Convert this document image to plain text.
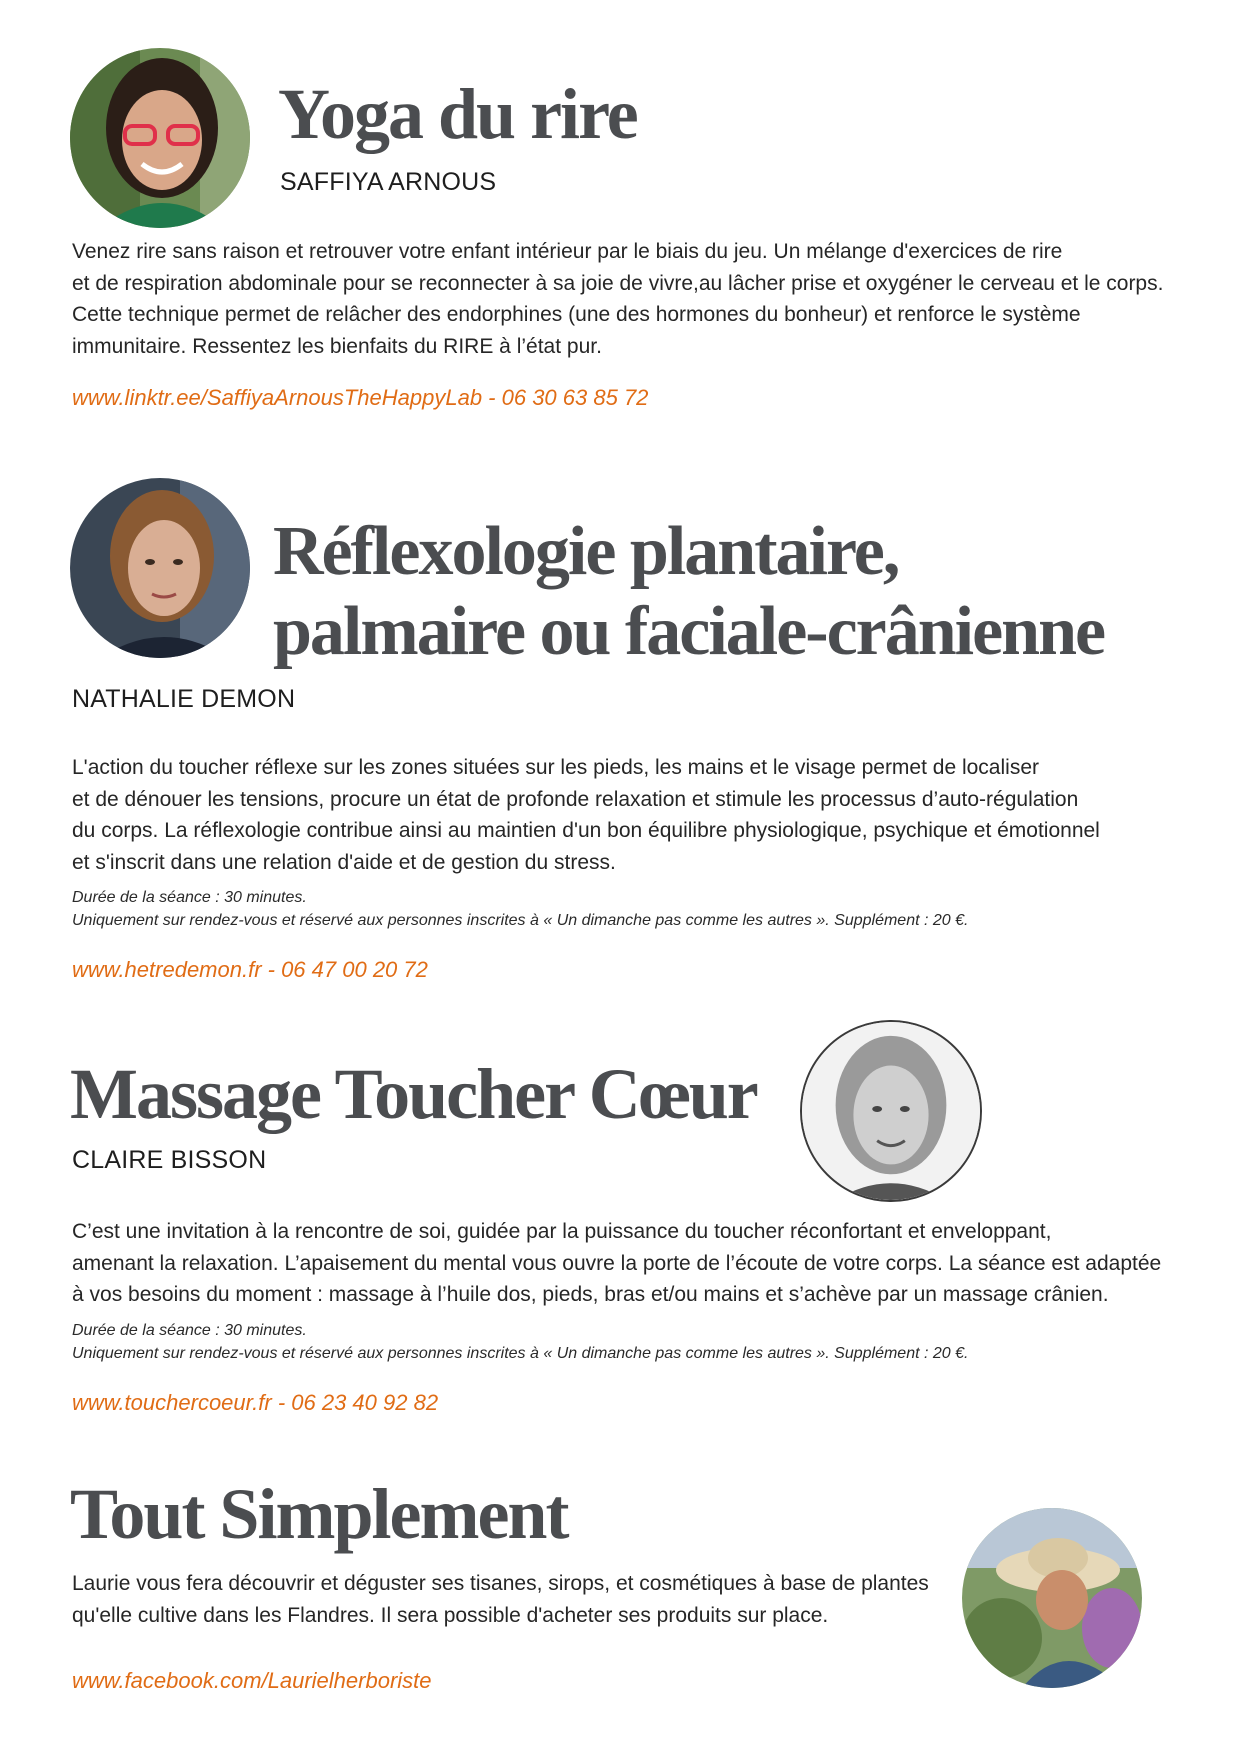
Yoga du rire
SAFFIYA ARNOUS

Venez rire sans raison et retrouver votre enfant intérieur par le biais du jeu. Un mélange d'exercices de rire

et de respiration abdominale pour se reconnecter à sa joie de vivre,au lâcher prise et oxygéner le cerveau et le corps.

Cette technique permet de relâcher des endorphines (une des hormones du bonheur) et renforce le système

immunitaire. Ressentez les bienfaits du RIRE à l’état pur.

www.linktr.ee/SaffiyaArnousTheHappyLab - 06 30 63 85 72
Réflexologie plantaire,
palmaire ou faciale-crânienne
NATHALIE DEMON

L'action du toucher réflexe sur les zones situées sur les pieds, les mains et le visage permet de localiser

et de dénouer les tensions, procure un état de profonde relaxation et stimule les processus d’auto-régulation

du corps. La réflexologie contribue ainsi au maintien d'un bon équilibre physiologique, psychique et émotionnel

et s'inscrit dans une relation d'aide et de gestion du stress.

Durée de la séance : 30 minutes.

Uniquement sur rendez-vous et réservé aux personnes inscrites à « Un dimanche pas comme les autres ». Supplément : 20 €.

www.hetredemon.fr - 06 47 00 20 72
Massage Toucher Cœur
CLAIRE BISSON

C’est une invitation à la rencontre de soi, guidée par la puissance du toucher réconfortant et enveloppant,

amenant la relaxation. L’apaisement du mental vous ouvre la porte de l’écoute de votre corps. La séance est adaptée

à vos besoins du moment : massage à l’huile dos, pieds, bras et/ou mains et s’achève par un massage crânien.

Durée de la séance : 30 minutes.

Uniquement sur rendez-vous et réservé aux personnes inscrites à « Un dimanche pas comme les autres ». Supplément : 20 €.

www.touchercoeur.fr - 06 23 40 92 82
Tout Simplement

Laurie vous fera découvrir et déguster ses tisanes, sirops, et cosmétiques à base de plantes

qu'elle cultive dans les Flandres. Il sera possible d'acheter ses produits sur place.

www.facebook.com/Laurielherboriste
